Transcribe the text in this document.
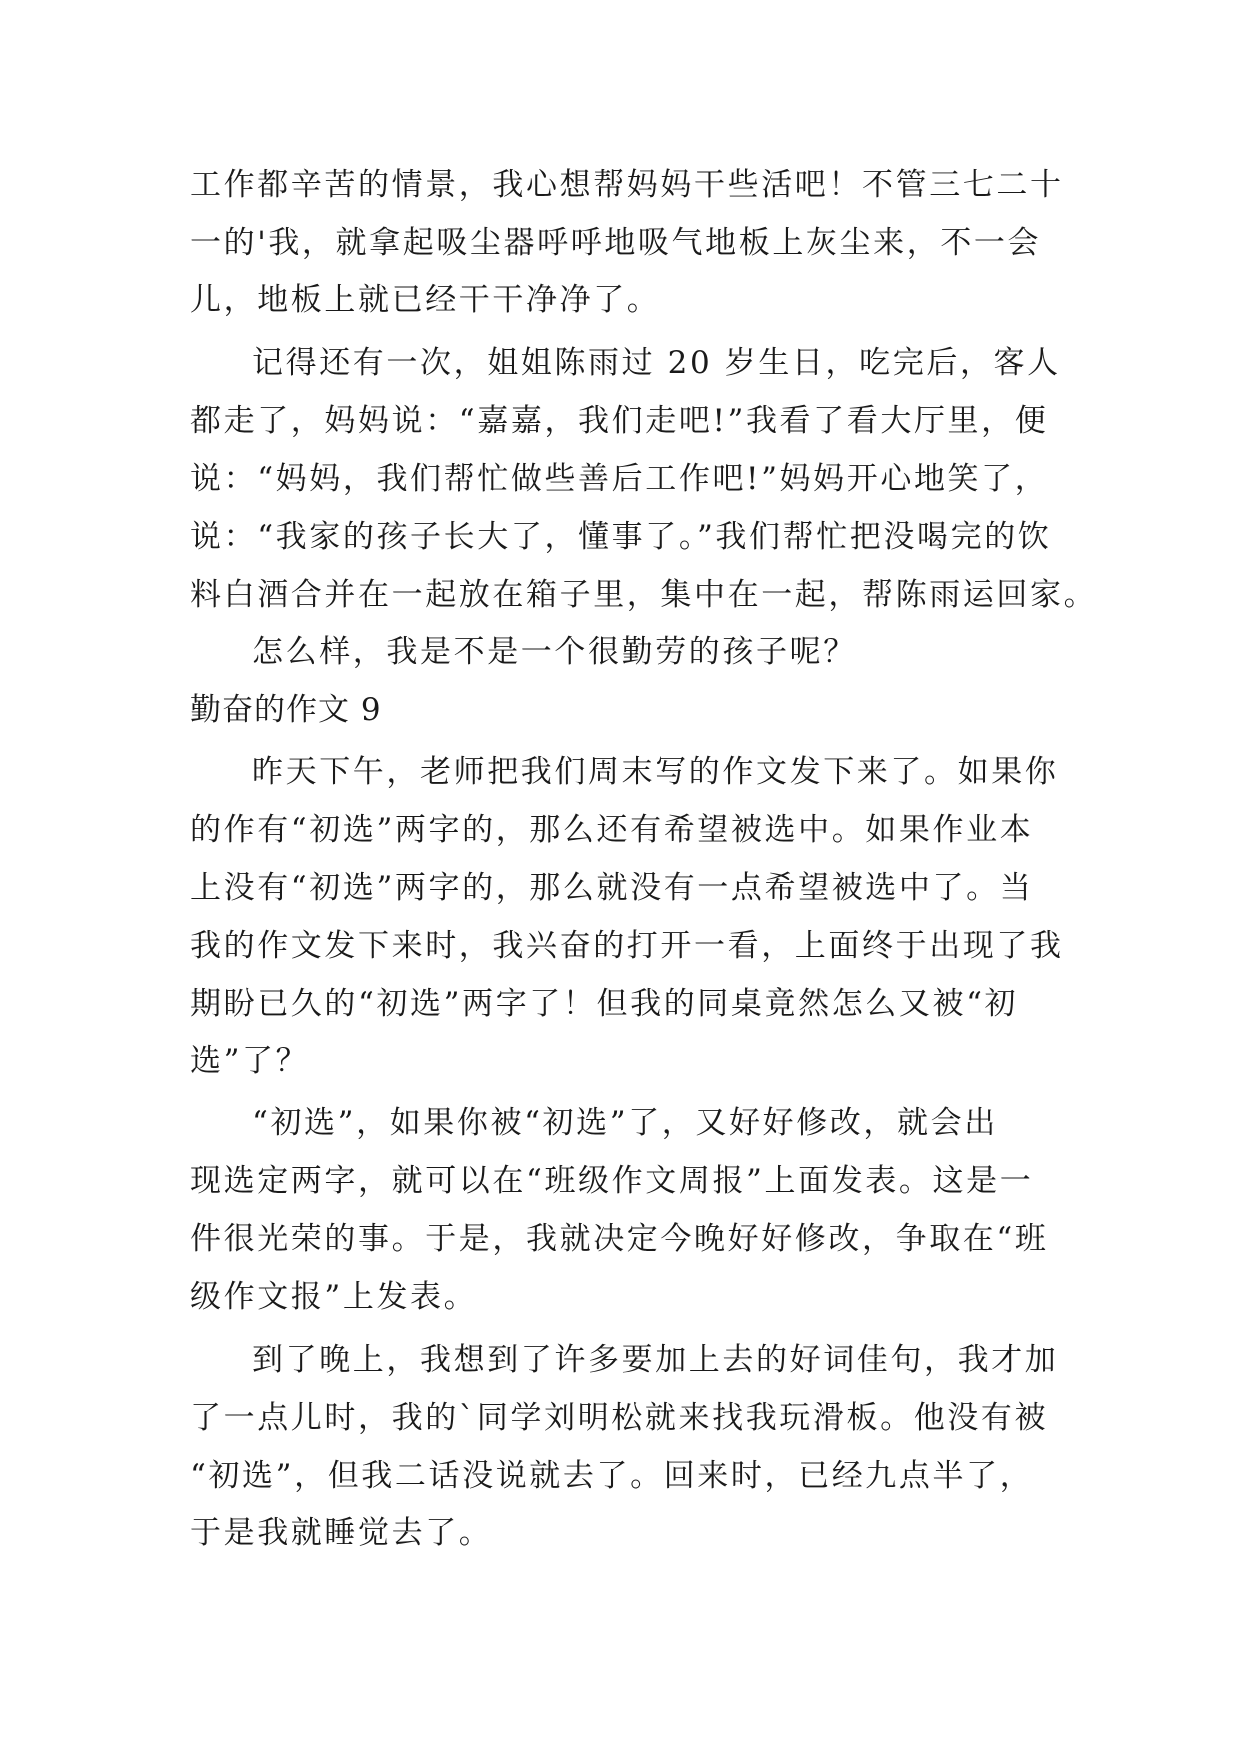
工作都辛苦的情景，我心想帮妈妈干些活吧！不管三七二十
一的'我，就拿起吸尘器呼呼地吸气地板上灰尘来，不一会
儿，地板上就已经干干净净了。
记得还有一次，姐姐陈雨过 20 岁生日，吃完后，客人
都走了，妈妈说：“嘉嘉，我们走吧!”我看了看大厅里，便
说：“妈妈，我们帮忙做些善后工作吧!”妈妈开心地笑了，
说：“我家的孩子长大了，懂事了。”我们帮忙把没喝完的饮
料白酒合并在一起放在箱子里，集中在一起，帮陈雨运回家。
怎么样，我是不是一个很勤劳的孩子呢？
勤奋的作文 9
昨天下午，老师把我们周末写的作文发下来了。如果你
的作有“初选”两字的，那么还有希望被选中。如果作业本
上没有“初选”两字的，那么就没有一点希望被选中了。当
我的作文发下来时，我兴奋的打开一看，上面终于出现了我
期盼已久的“初选”两字了！但我的同桌竟然怎么又被“初
选”了？
“初选”，如果你被“初选”了，又好好修改，就会出
现选定两字，就可以在“班级作文周报”上面发表。这是一
件很光荣的事。于是，我就决定今晚好好修改，争取在“班
级作文报”上发表。
到了晚上，我想到了许多要加上去的好词佳句，我才加
了一点儿时，我的`同学刘明松就来找我玩滑板。他没有被
“初选”，但我二话没说就去了。回来时，已经九点半了，
于是我就睡觉去了。
